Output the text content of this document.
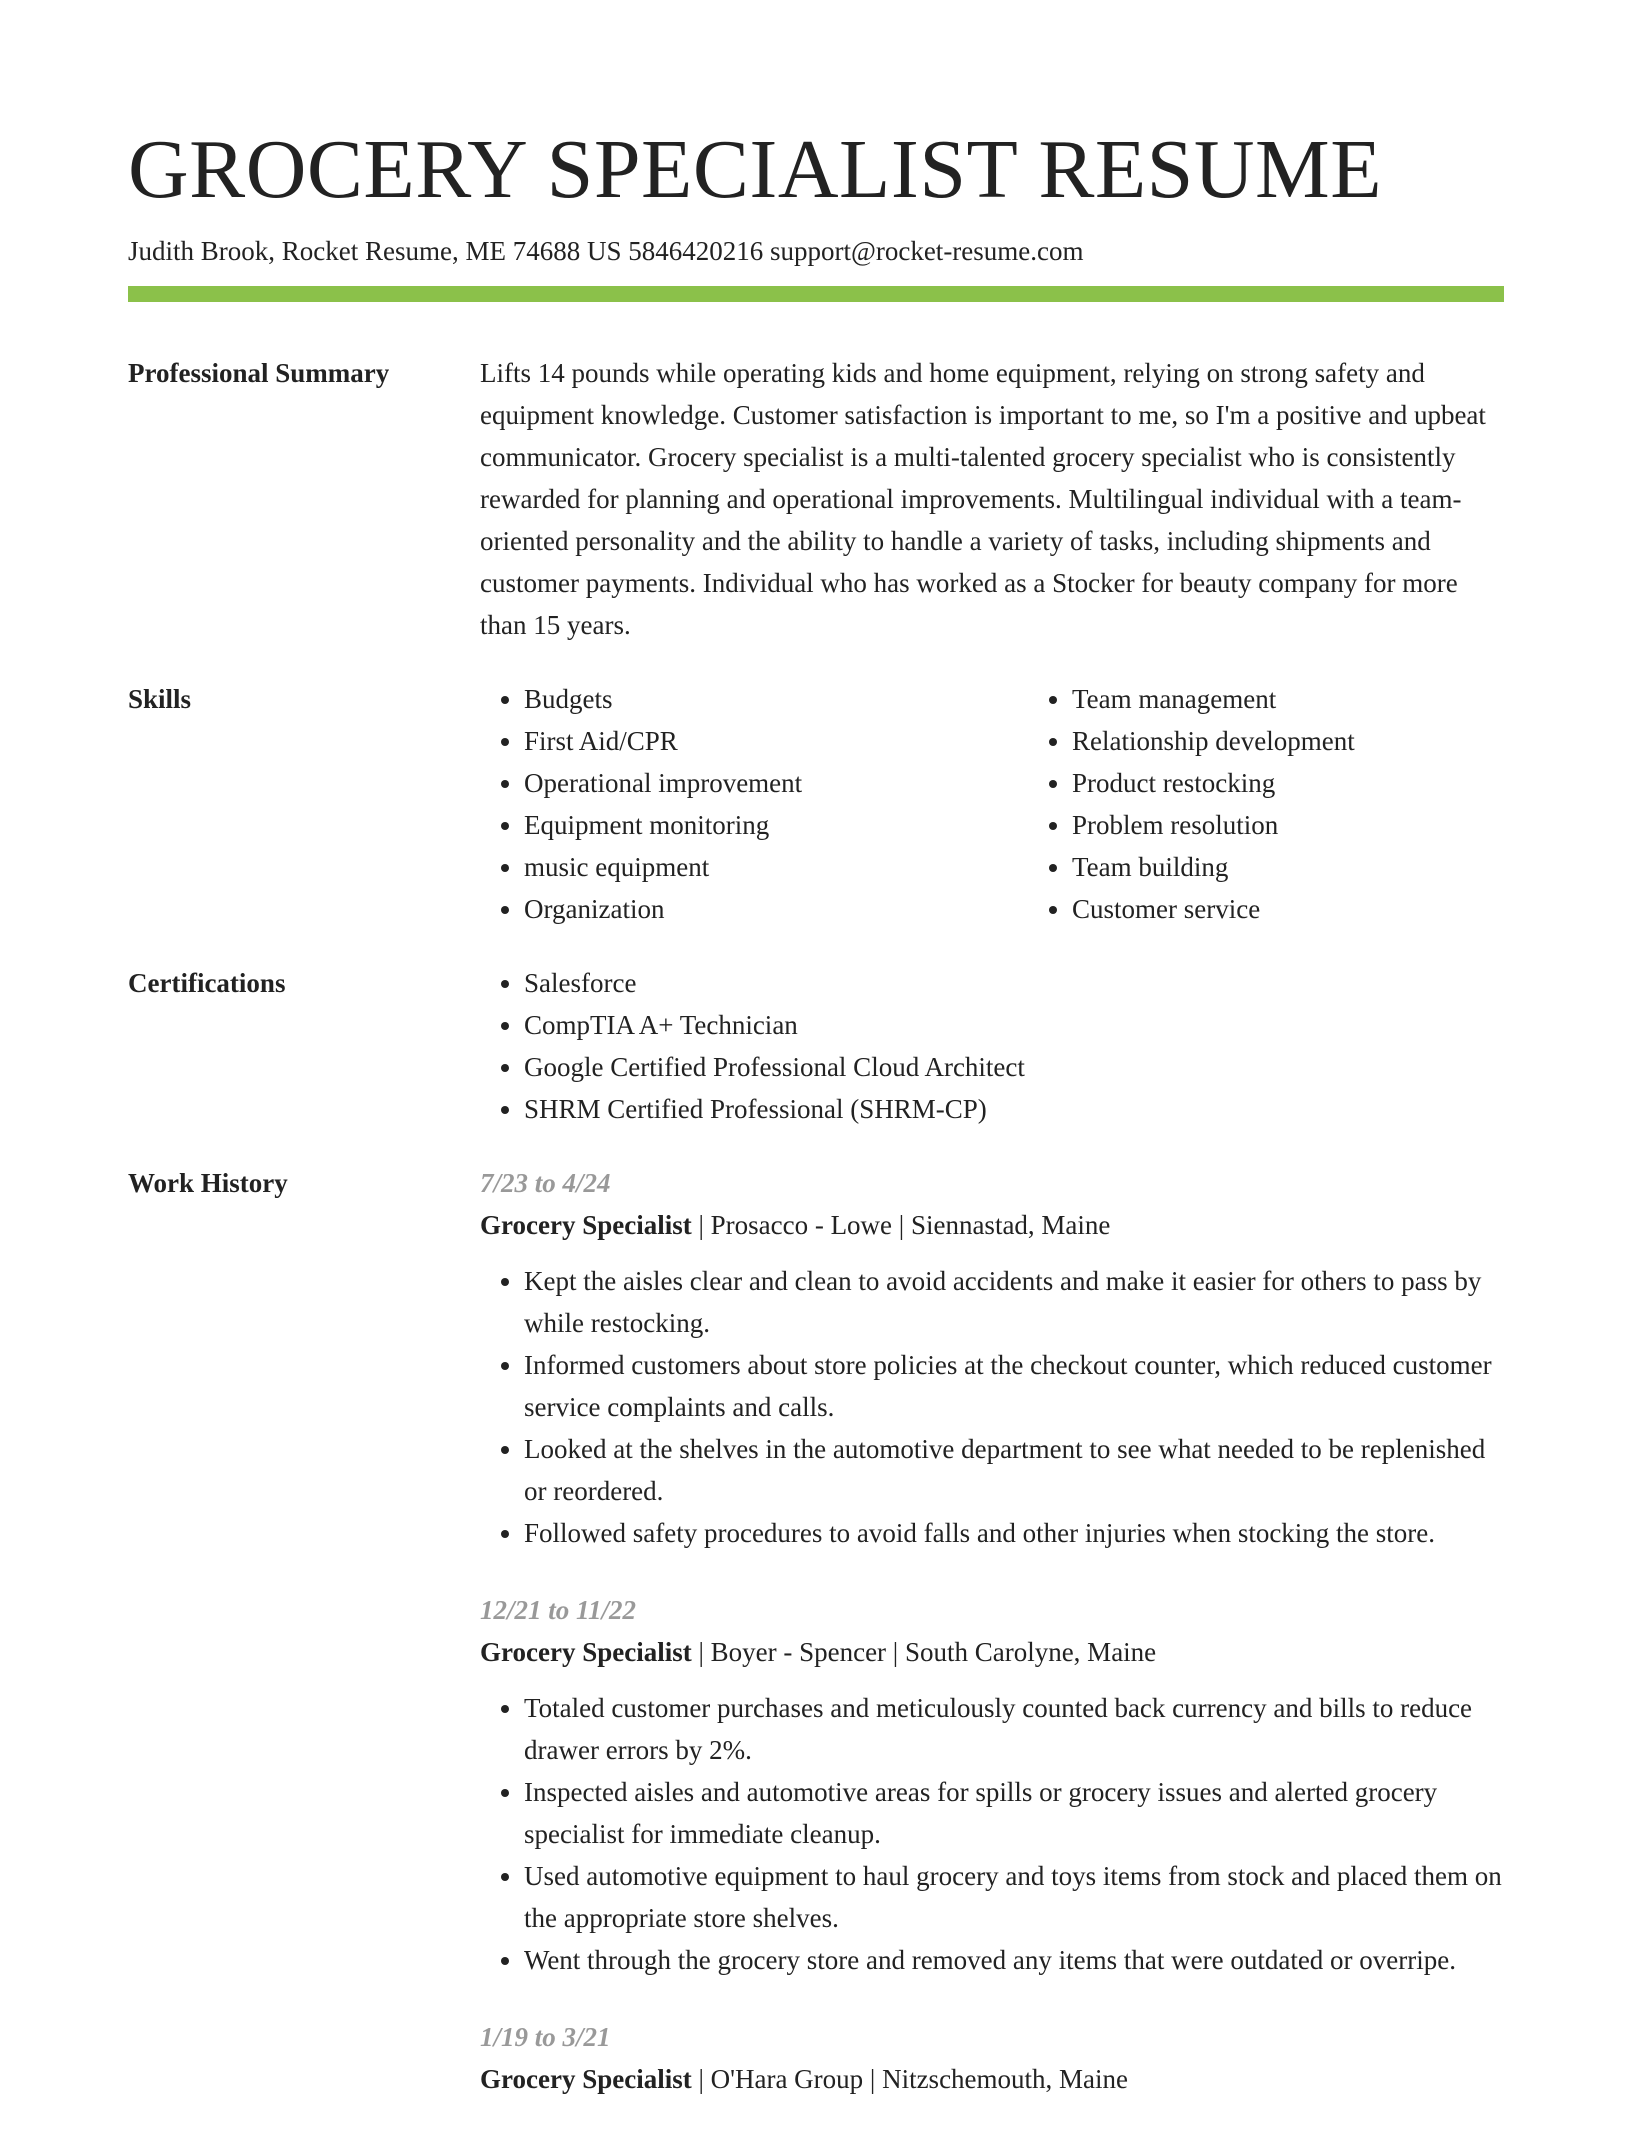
GROCERY SPECIALIST RESUME
Judith Brook, Rocket Resume, ME 74688 US 5846420216 support@rocket-resume.com
Professional Summary	Lifts 14 pounds while operating kids and home equipment, relying on strong safety and equipment knowledge. Customer satisfaction is important to me, so I'm a positive and upbeat communicator. Grocery specialist is a multi-talented grocery specialist who is consistently rewarded for planning and operational improvements. Multilingual individual with a team-oriented personality and the ability to handle a variety of tasks, including shipments and customer payments. Individual who has worked as a Stocker for beauty company for more than 15 years.
Skills	• Budgets
• First Aid/CPR
• Operational improvement
• Equipment monitoring
• music equipment
• Organization
• Team management
• Relationship development
• Product restocking
• Problem resolution
• Team building
• Customer service
Certifications	• Salesforce
• CompTIA A+ Technician
• Google Certified Professional Cloud Architect
• SHRM Certified Professional (SHRM-CP)
Work History	7/23 to 4/24
Grocery Specialist | Prosacco - Lowe | Siennastad, Maine
• Kept the aisles clear and clean to avoid accidents and make it easier for others to pass by while restocking.
• Informed customers about store policies at the checkout counter, which reduced customer service complaints and calls.
• Looked at the shelves in the automotive department to see what needed to be replenished or reordered.
• Followed safety procedures to avoid falls and other injuries when stocking the store.
12/21 to 11/22
Grocery Specialist | Boyer - Spencer | South Carolyne, Maine
• Totaled customer purchases and meticulously counted back currency and bills to reduce drawer errors by 2%.
• Inspected aisles and automotive areas for spills or grocery issues and alerted grocery specialist for immediate cleanup.
• Used automotive equipment to haul grocery and toys items from stock and placed them on the appropriate store shelves.
• Went through the grocery store and removed any items that were outdated or overripe.
1/19 to 3/21
Grocery Specialist | O'Hara Group | Nitzschemouth, Maine
